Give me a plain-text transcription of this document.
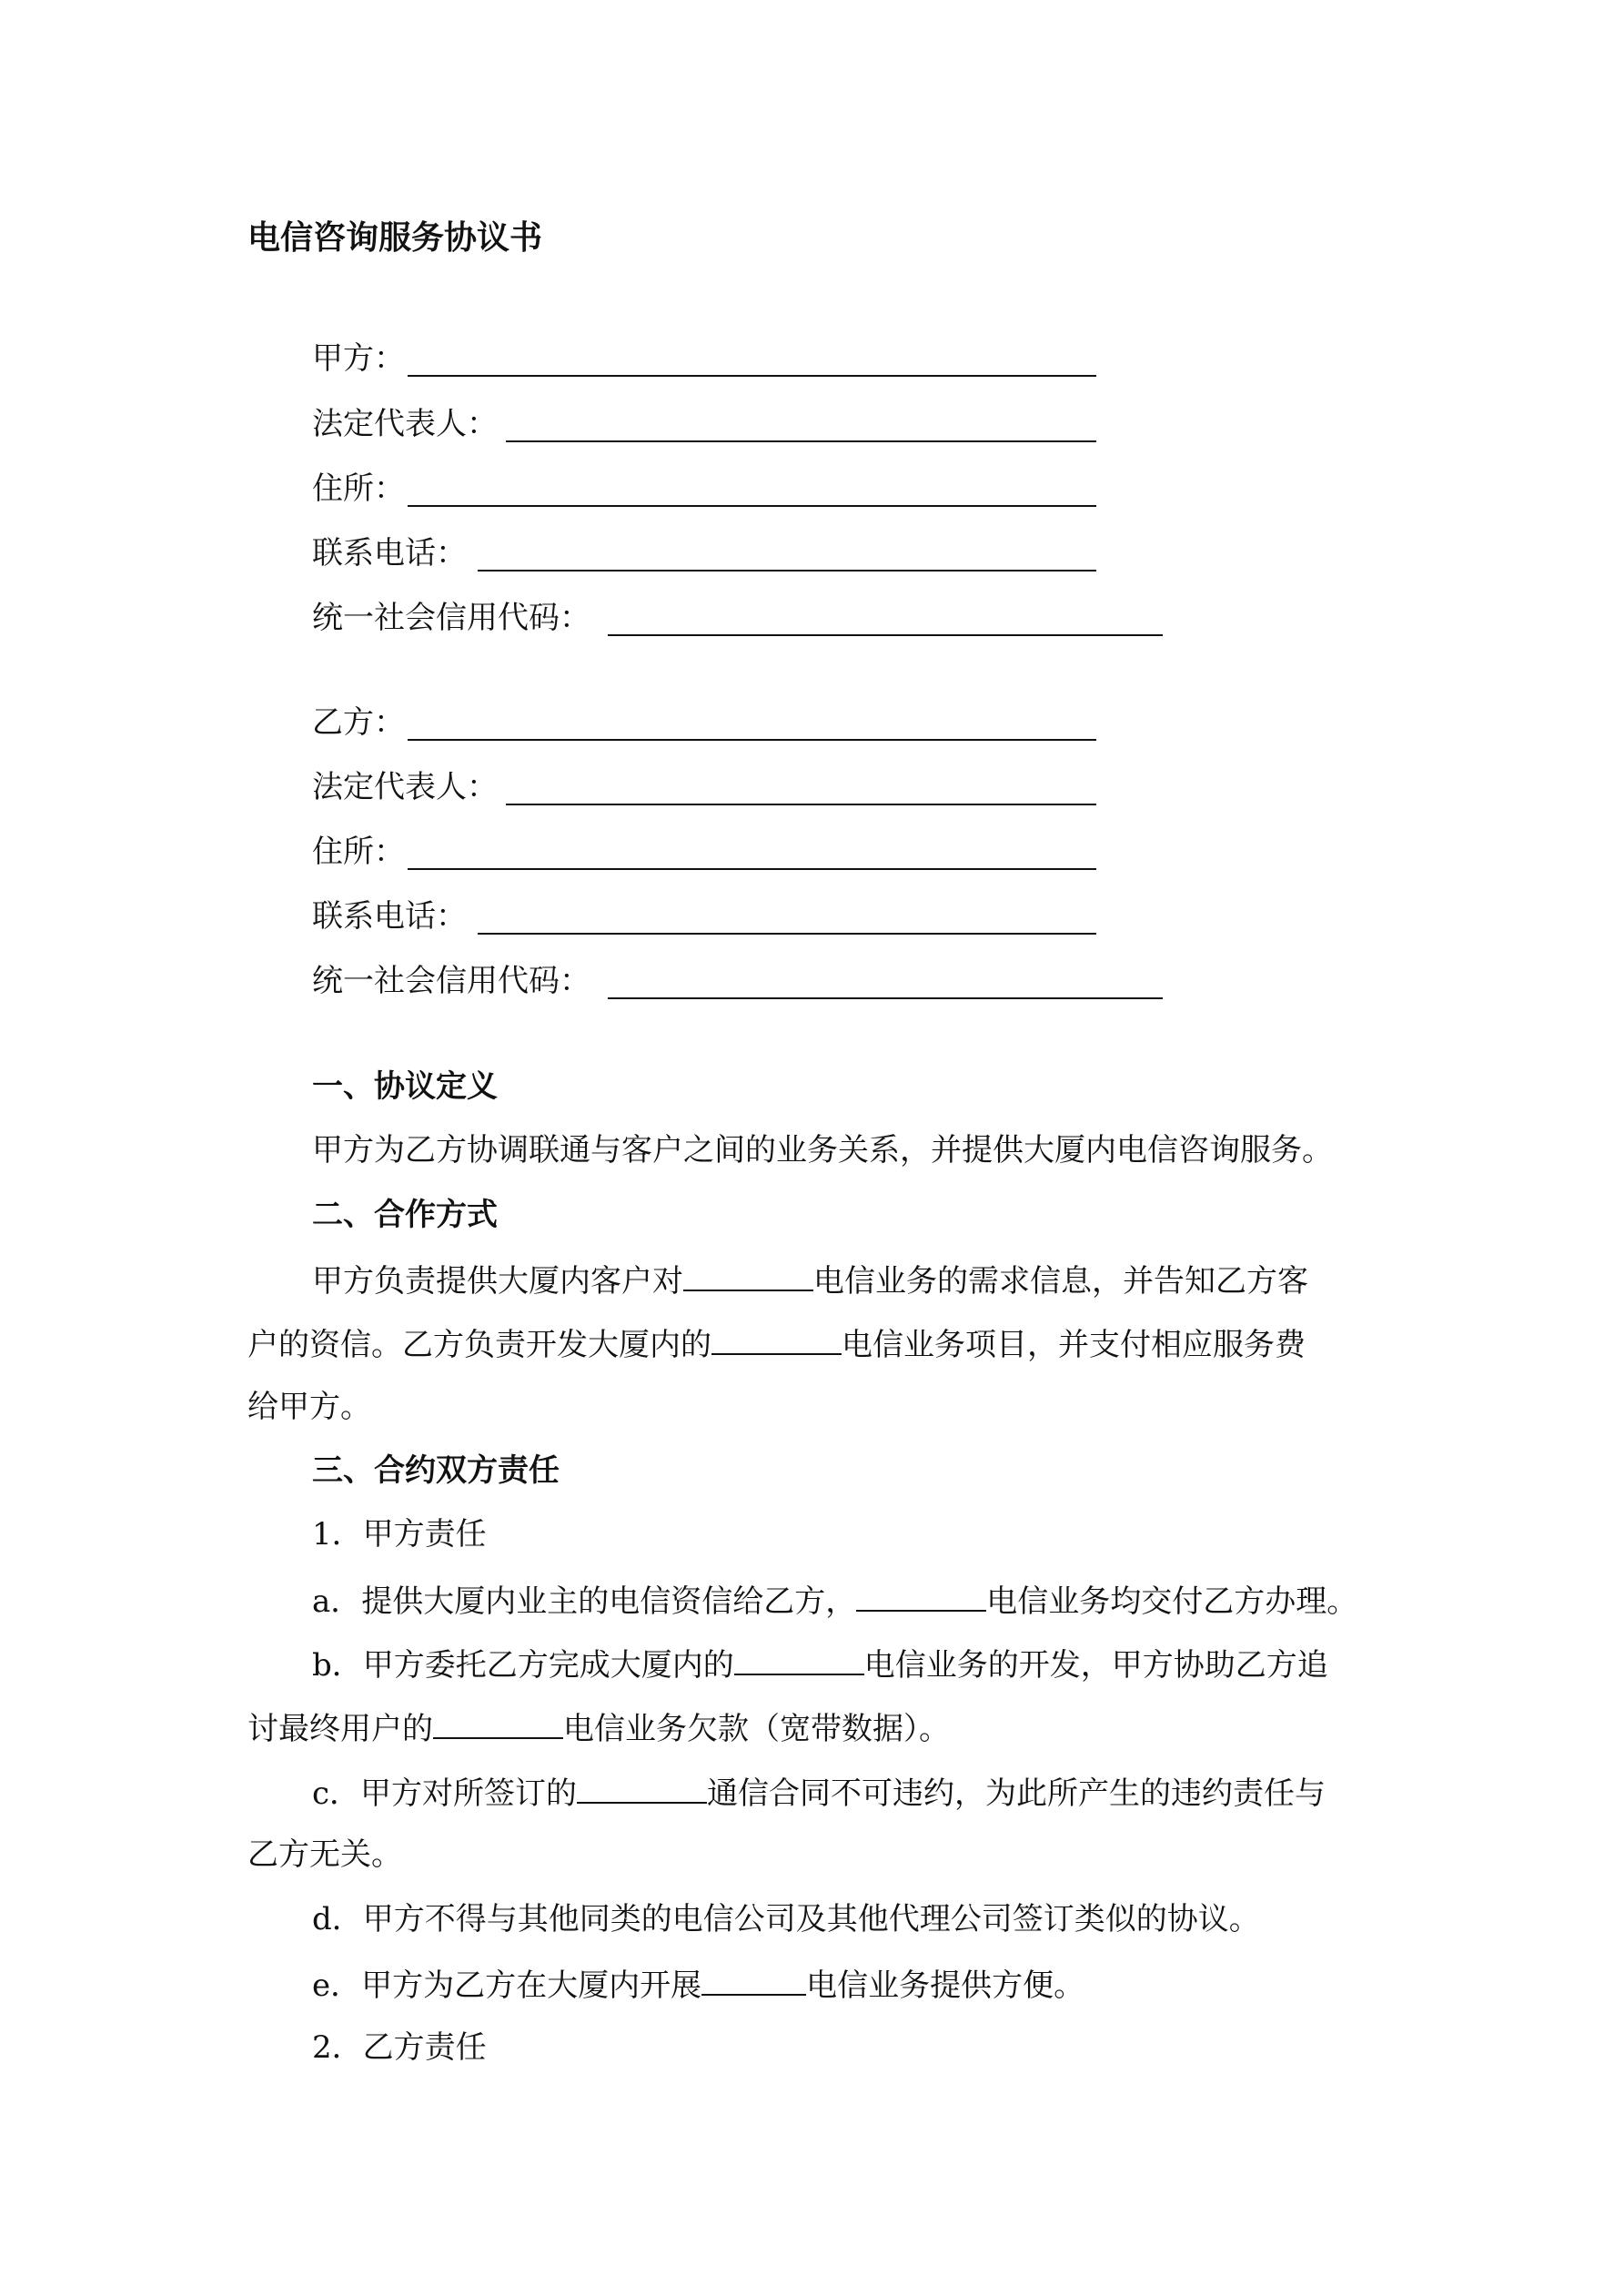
电信咨询服务协议书
甲方：
法定代表人：
住所：
联系电话：
统一社会信用代码：
乙方：
法定代表人：
住所：
联系电话：
统一社会信用代码：
一、协议定义
甲方为乙方协调联通与客户之间的业务关系，并提供大厦内电信咨询服务。
二、合作方式
甲方负责提供大厦内客户对	电信业务的需求信息，并告知乙方客
户的资信。乙方负责开发大厦内的	电信业务项目，并支付相应服务费
给甲方。
三、合约双方责任
1．甲方责任
a．提供大厦内业主的电信资信给乙方，	电信业务均交付乙方办理。
b．甲方委托乙方完成大厦内的	电信业务的开发，甲方协助乙方追
讨最终用户的	电信业务欠款（宽带数据）。
c．甲方对所签订的	通信合同不可违约，为此所产生的违约责任与
乙方无关。
d．甲方不得与其他同类的电信公司及其他代理公司签订类似的协议。
e．甲方为乙方在大厦内开展	电信业务提供方便。
2．乙方责任
